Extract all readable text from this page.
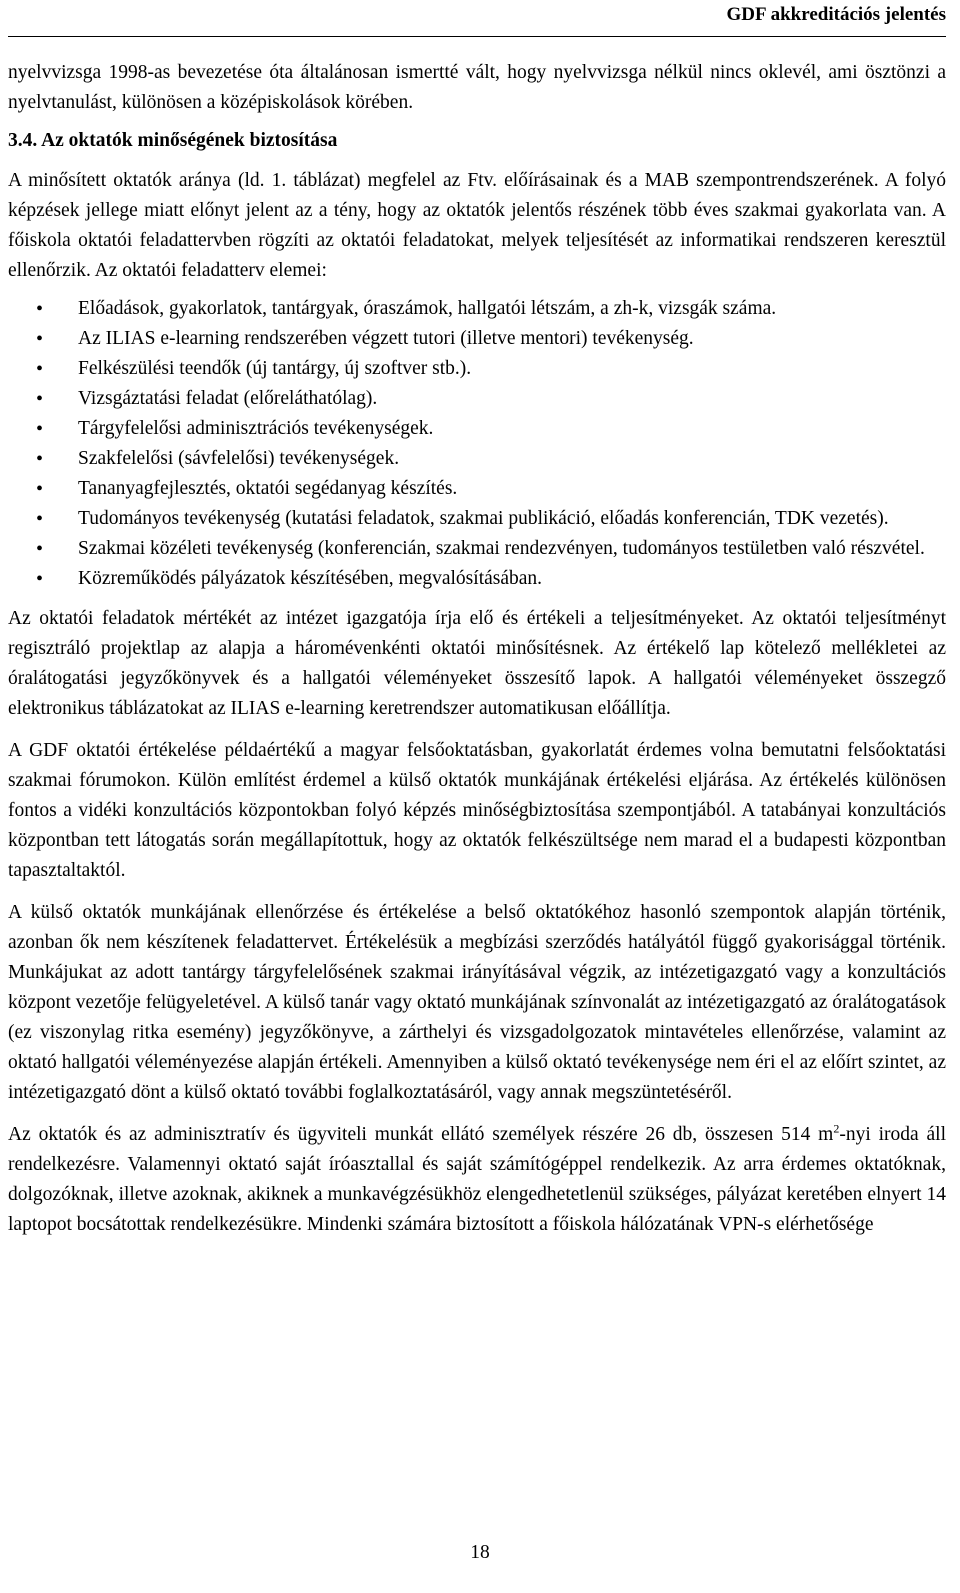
GDF akkreditációs jelentés

nyelvvizsga 1998-as bevezetése óta általánosan ismertté vált, hogy nyelvvizsga nélkül nincs oklevél, ami ösztönzi a nyelvtanulást, különösen a középiskolások körében.

3.4. Az oktatók minőségének biztosítása

A minősített oktatók aránya (ld. 1. táblázat) megfelel az Ftv. előírásainak és a MAB szempontrendszerének. A folyó képzések jellege miatt előnyt jelent az a tény, hogy az oktatók jelentős részének több éves szakmai gyakorlata van. A főiskola oktatói feladattervben rögzíti az oktatói feladatokat, melyek teljesítését az informatikai rendszeren keresztül ellenőrzik. Az oktatói feladatterv elemei:

• Előadások, gyakorlatok, tantárgyak, óraszámok, hallgatói létszám, a zh-k, vizsgák száma.
• Az ILIAS e-learning rendszerében végzett tutori (illetve mentori) tevékenység.
• Felkészülési teendők (új tantárgy, új szoftver stb.).
• Vizsgáztatási feladat (előreláthatólag).
• Tárgyfelelősi adminisztrációs tevékenységek.
• Szakfelelősi (sávfelelősi) tevékenységek.
• Tananyagfejlesztés, oktatói segédanyag készítés.
• Tudományos tevékenység (kutatási feladatok, szakmai publikáció, előadás konferencián, TDK vezetés).
• Szakmai közéleti tevékenység (konferencián, szakmai rendezvényen, tudományos testületben való részvétel.
• Közreműködés pályázatok készítésében, megvalósításában.

Az oktatói feladatok mértékét az intézet igazgatója írja elő és értékeli a teljesítményeket. Az oktatói teljesítményt regisztráló projektlap az alapja a háromévenkénti oktatói minősítésnek. Az értékelő lap kötelező mellékletei az óralátogatási jegyzőkönyvek és a hallgatói véleményeket összesítő lapok. A hallgatói véleményeket összegző elektronikus táblázatokat az ILIAS e-learning keretrendszer automatikusan előállítja.

A GDF oktatói értékelése példaértékű a magyar felsőoktatásban, gyakorlatát érdemes volna bemutatni felsőoktatási szakmai fórumokon. Külön említést érdemel a külső oktatók munkájának értékelési eljárása. Az értékelés különösen fontos a vidéki konzultációs központokban folyó képzés minőségbiztosítása szempontjából. A tatabányai konzultációs központban tett látogatás során megállapítottuk, hogy az oktatók felkészültsége nem marad el a budapesti központban tapasztaltaktól.

A külső oktatók munkájának ellenőrzése és értékelése a belső oktatókéhoz hasonló szempontok alapján történik, azonban ők nem készítenek feladattervet. Értékelésük a megbízási szerződés hatályától függő gyakorisággal történik. Munkájukat az adott tantárgy tárgyfelelősének szakmai irányításával végzik, az intézetigazgató vagy a konzultációs központ vezetője felügyeletével. A külső tanár vagy oktató munkájának színvonalát az intézetigazgató az óralátogatások (ez viszonylag ritka esemény) jegyzőkönyve, a zárthelyi és vizsgadolgozatok mintavételes ellenőrzése, valamint az oktató hallgatói véleményezése alapján értékeli. Amennyiben a külső oktató tevékenysége nem éri el az előírt szintet, az intézetigazgató dönt a külső oktató további foglalkoztatásáról, vagy annak megszüntetéséről.

Az oktatók és az adminisztratív és ügyviteli munkát ellátó személyek részére 26 db, összesen 514 $m^2$-nyi iroda áll rendelkezésre. Valamennyi oktató saját íróasztallal és saját számítógéppel rendelkezik. Az arra érdemes oktatóknak, dolgozóknak, illetve azoknak, akiknek a munkavégzésükhöz elengedhetetlenül szükséges, pályázat keretében elnyert 14 laptopot bocsátottak rendelkezésükre. Mindenki számára biztosított a főiskola hálózatának VPN-s elérhetősége

18
